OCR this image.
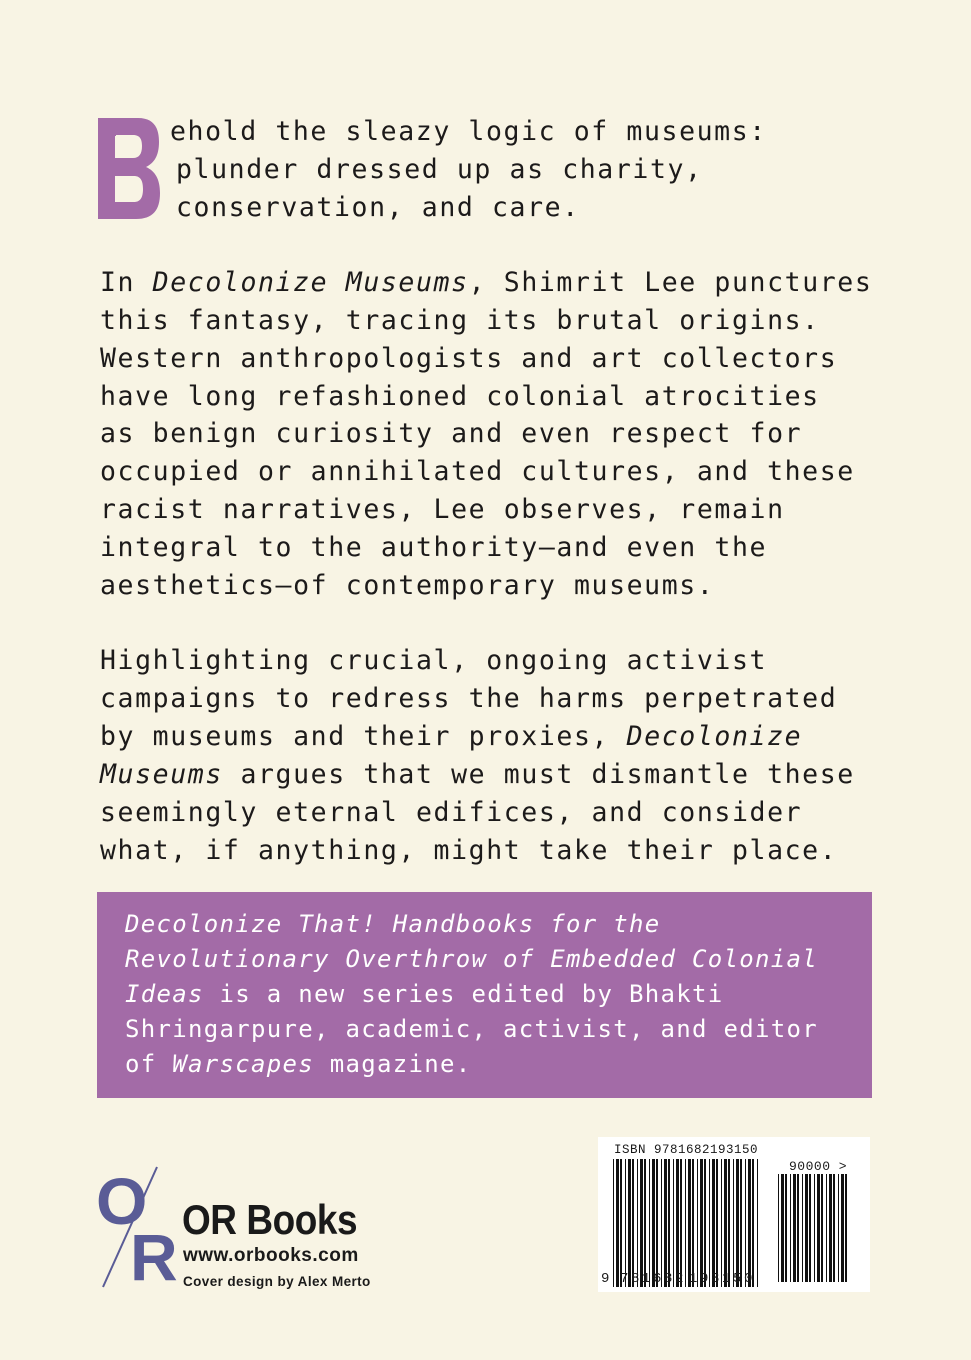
ehold the sleazy logic of museums:
plunder dressed up as charity,
conservation, and care.
In Decolonize Museums, Shimrit Lee punctures
this fantasy, tracing its brutal origins.
Western anthropologists and art collectors
have long refashioned colonial atrocities
as benign curiosity and even respect for
occupied or annihilated cultures, and these
racist narratives, Lee observes, remain
integral to the authority—and even the
aesthetics—of contemporary museums.
Highlighting crucial, ongoing activist
campaigns to redress the harms perpetrated
by museums and their proxies, Decolonize
Museums argues that we must dismantle these
seemingly eternal edifices, and consider
what, if anything, might take their place.
Decolonize That! Handbooks for the
Revolutionary Overthrow of Embedded Colonial
Ideas is a new series edited by Bhakti
Shringarpure, academic, activist, and editor
of Warscapes magazine.
O
R
OR Books
www.orbooks.com
Cover design by Alex Merto
ISBN 9781682193150
90000 >
9 781682 193150
